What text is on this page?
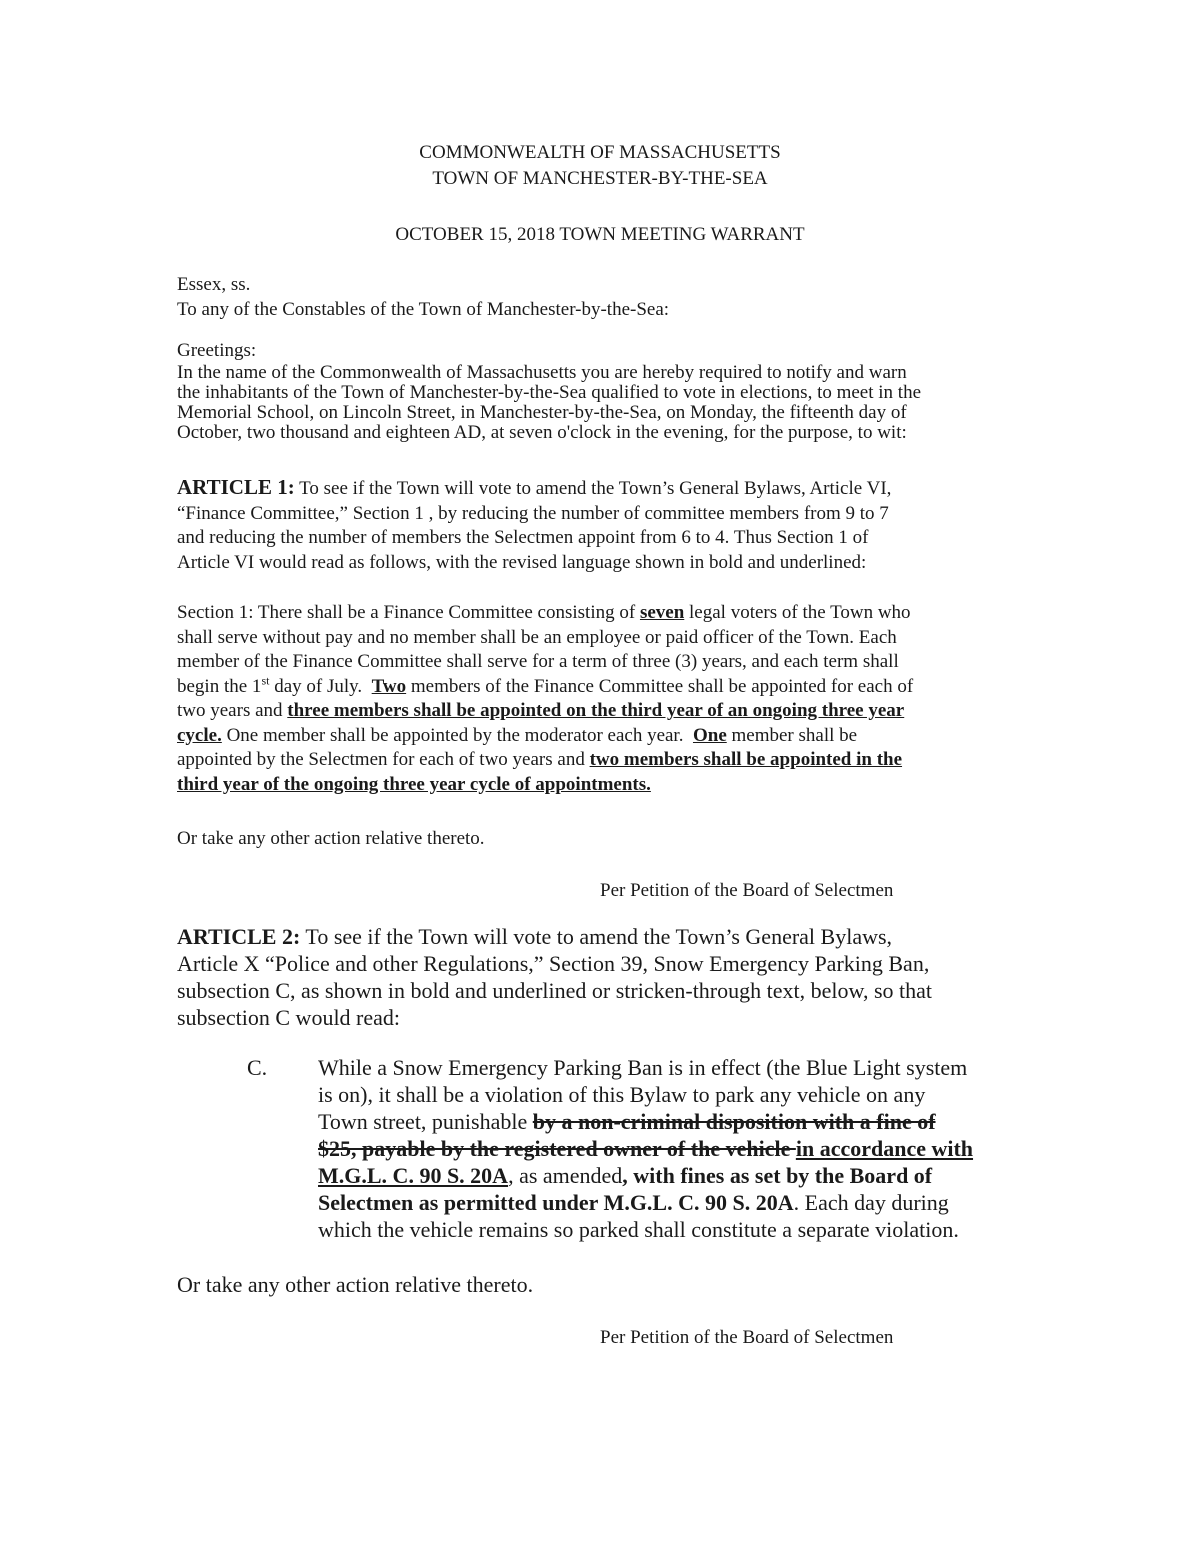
COMMONWEALTH OF MASSACHUSETTS
TOWN OF MANCHESTER-BY-THE-SEA
OCTOBER 15, 2018 TOWN MEETING WARRANT
Essex, ss.
To any of the Constables of the Town of Manchester-by-the-Sea:
Greetings:
In the name of the Commonwealth of Massachusetts you are hereby required to notify and warn
the inhabitants of the Town of Manchester-by-the-Sea qualified to vote in elections, to meet in the
Memorial School, on Lincoln Street, in Manchester-by-the-Sea, on Monday, the fifteenth day of
October, two thousand and eighteen AD, at seven o'clock in the evening, for the purpose, to wit:
ARTICLE 1: To see if the Town will vote to amend the Town’s General Bylaws, Article VI,
“Finance Committee,” Section 1 , by reducing the number of committee members from 9 to 7
and reducing the number of members the Selectmen appoint from 6 to 4. Thus Section 1 of
Article VI would read as follows, with the revised language shown in bold and underlined:
Section 1: There shall be a Finance Committee consisting of seven legal voters of the Town who
shall serve without pay and no member shall be an employee or paid officer of the Town. Each
member of the Finance Committee shall serve for a term of three (3) years, and each term shall
begin the 1st day of July.  Two members of the Finance Committee shall be appointed for each of
two years and three members shall be appointed on the third year of an ongoing three year
cycle. One member shall be appointed by the moderator each year.  One member shall be
appointed by the Selectmen for each of two years and two members shall be appointed in the
third year of the ongoing three year cycle of appointments.
Or take any other action relative thereto.
Per Petition of the Board of Selectmen
ARTICLE 2: To see if the Town will vote to amend the Town’s General Bylaws,
Article X “Police and other Regulations,” Section 39, Snow Emergency Parking Ban,
subsection C, as shown in bold and underlined or stricken-through text, below, so that
subsection C would read:
C. While a Snow Emergency Parking Ban is in effect (the Blue Light system
is on), it shall be a violation of this Bylaw to park any vehicle on any
Town street, punishable by a non-criminal disposition with a fine of
$25, payable by the registered owner of the vehicle in accordance with
M.G.L. C. 90 S. 20A, as amended, with fines as set by the Board of
Selectmen as permitted under M.G.L. C. 90 S. 20A. Each day during
which the vehicle remains so parked shall constitute a separate violation.
Or take any other action relative thereto.
Per Petition of the Board of Selectmen
